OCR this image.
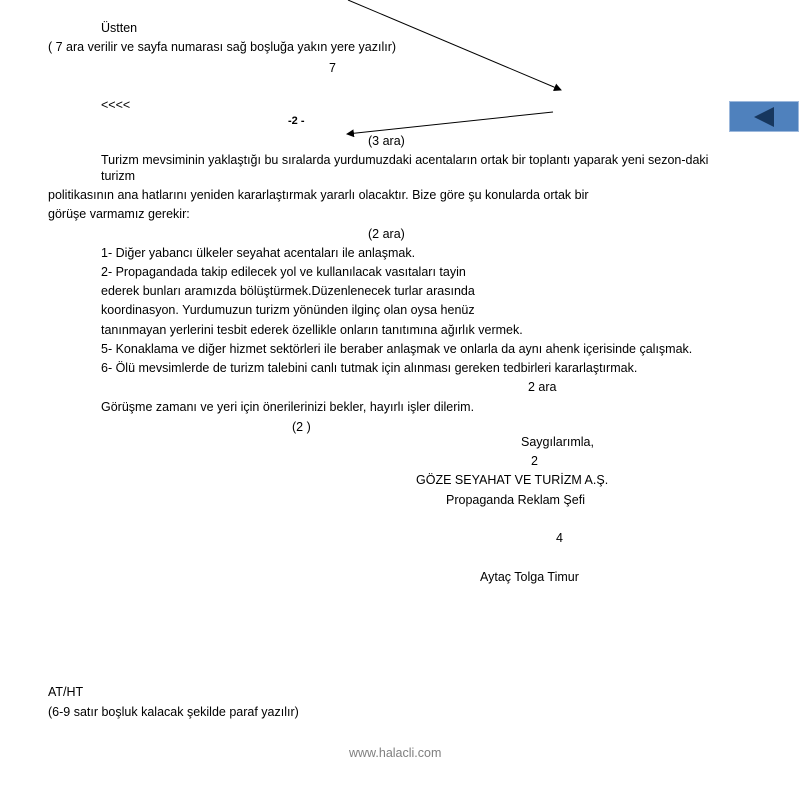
Üstten
( 7 ara verilir ve sayfa numarası sağ boşluğa yakın yere yazılır)
7
<<<<
-2 -
(3 ara)
Turizm mevsiminin yaklaştığı bu sıralarda yurdumuzdaki acentaların ortak bir toplantı yaparak yeni sezon-daki
turizm
politikasının ana hatlarını yeniden kararlaştırmak yararlı olacaktır. Bize göre şu konularda ortak bir
görüşe varmamız gerekir:
(2 ara)
1- Diğer yabancı ülkeler seyahat acentaları ile anlaşmak.
2- Propagandada takip edilecek yol ve kullanılacak vasıtaları tayin
ederek bunları aramızda bölüştürmek.Düzenlenecek turlar arasında
koordinasyon. Yurdumuzun turizm yönünden ilginç olan oysa henüz
tanınmayan yerlerini tesbit ederek özellikle onların tanıtımına ağırlık vermek.
5- Konaklama ve diğer hizmet sektörleri ile beraber anlaşmak ve onlarla da aynı ahenk içerisinde çalışmak.
6- Ölü mevsimlerde de turizm talebini canlı tutmak için alınması gereken tedbirleri kararlaştırmak.
2 ara
Görüşme zamanı ve yeri için önerilerinizi bekler, hayırlı işler dilerim.
(2 )
Saygılarımla,
2
GÖZE SEYAHAT VE TURİZM A.Ş.
Propaganda Reklam Şefi
4
Aytaç Tolga Timur
AT/HT
(6-9 satır boşluk kalacak şekilde paraf yazılır)
www.halacli.com
